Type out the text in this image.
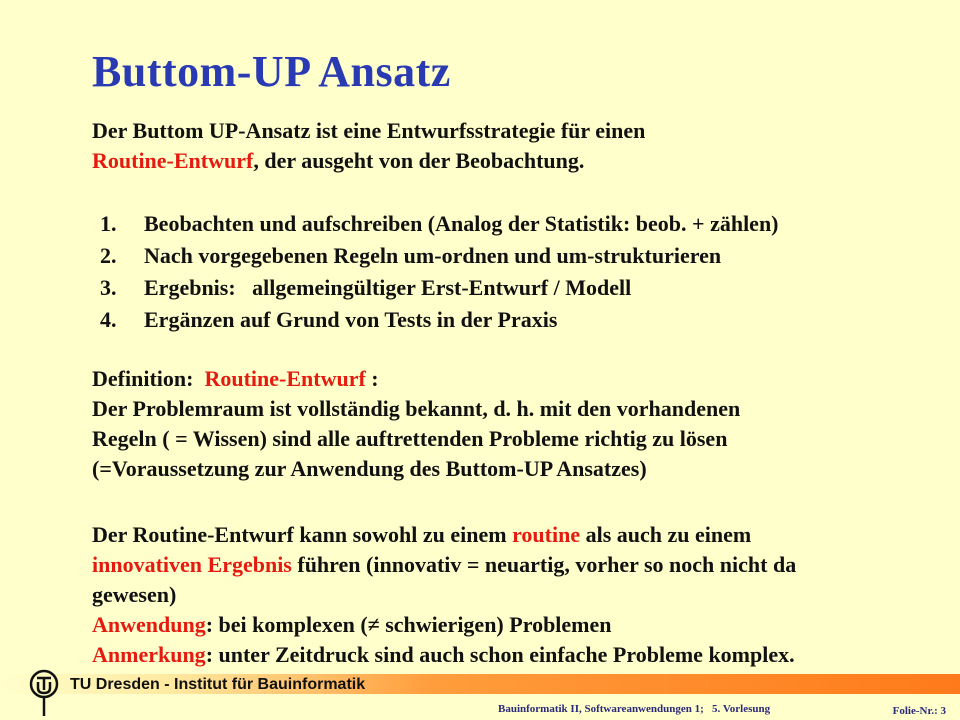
Buttom-UP Ansatz
Der Buttom UP-Ansatz ist eine Entwurfsstrategie für einen
Routine-Entwurf, der ausgeht von der Beobachtung.
1.	Beobachten und aufschreiben (Analog der Statistik: beob. + zählen)
2.	Nach vorgegebenen Regeln um-ordnen und um-strukturieren
3.	Ergebnis:   allgemeingültiger Erst-Entwurf / Modell
4.	Ergänzen auf Grund von Tests in der Praxis
Definition:  Routine-Entwurf :
Der Problemraum ist vollständig bekannt, d. h. mit den vorhandenen
Regeln ( = Wissen) sind alle auftrettenden Probleme richtig zu lösen
(=Voraussetzung zur Anwendung des Buttom-UP Ansatzes)
Der Routine-Entwurf kann sowohl zu einem routine als auch zu einem
innovativen Ergebnis führen (innovativ = neuartig, vorher so noch nicht da
gewesen)
Anwendung: bei komplexen (≠ schwierigen) Problemen
Anmerkung: unter Zeitdruck sind auch schon einfache Probleme komplex.
TU Dresden - Institut für Bauinformatik
Bauinformatik II, Softwareanwendungen 1;   5. Vorlesung	Folie-Nr.: 3
